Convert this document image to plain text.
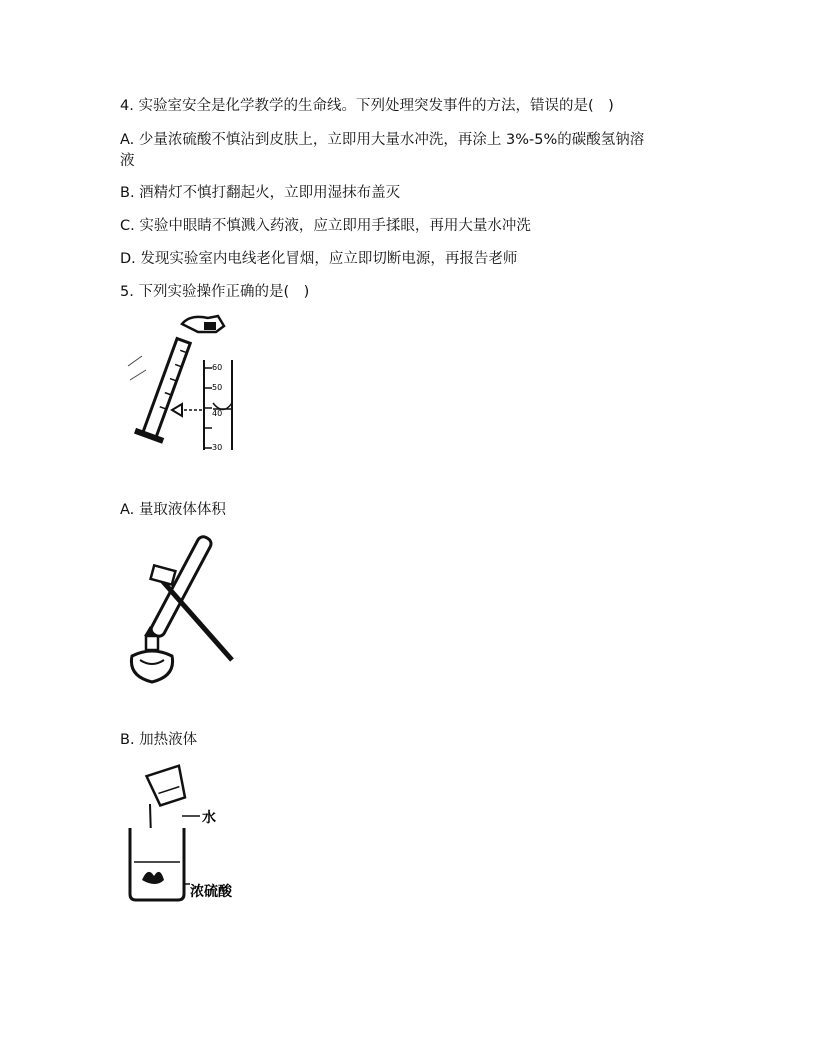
4. 实验室安全是化学教学的生命线。下列处理突发事件的方法，错误的是(　)
A. 少量浓硫酸不慎沾到皮肤上，立即用大量水冲洗，再涂上 3%-5%的碳酸氢钠溶
液
B. 酒精灯不慎打翻起火，立即用湿抹布盖灭
C. 实验中眼睛不慎溅入药液，应立即用手揉眼，再用大量水冲洗
D. 发现实验室内电线老化冒烟，应立即切断电源，再报告老师
5. 下列实验操作正确的是(　)
60
50
40
30
A. 量取液体体积
B. 加热液体
水
浓硫酸
